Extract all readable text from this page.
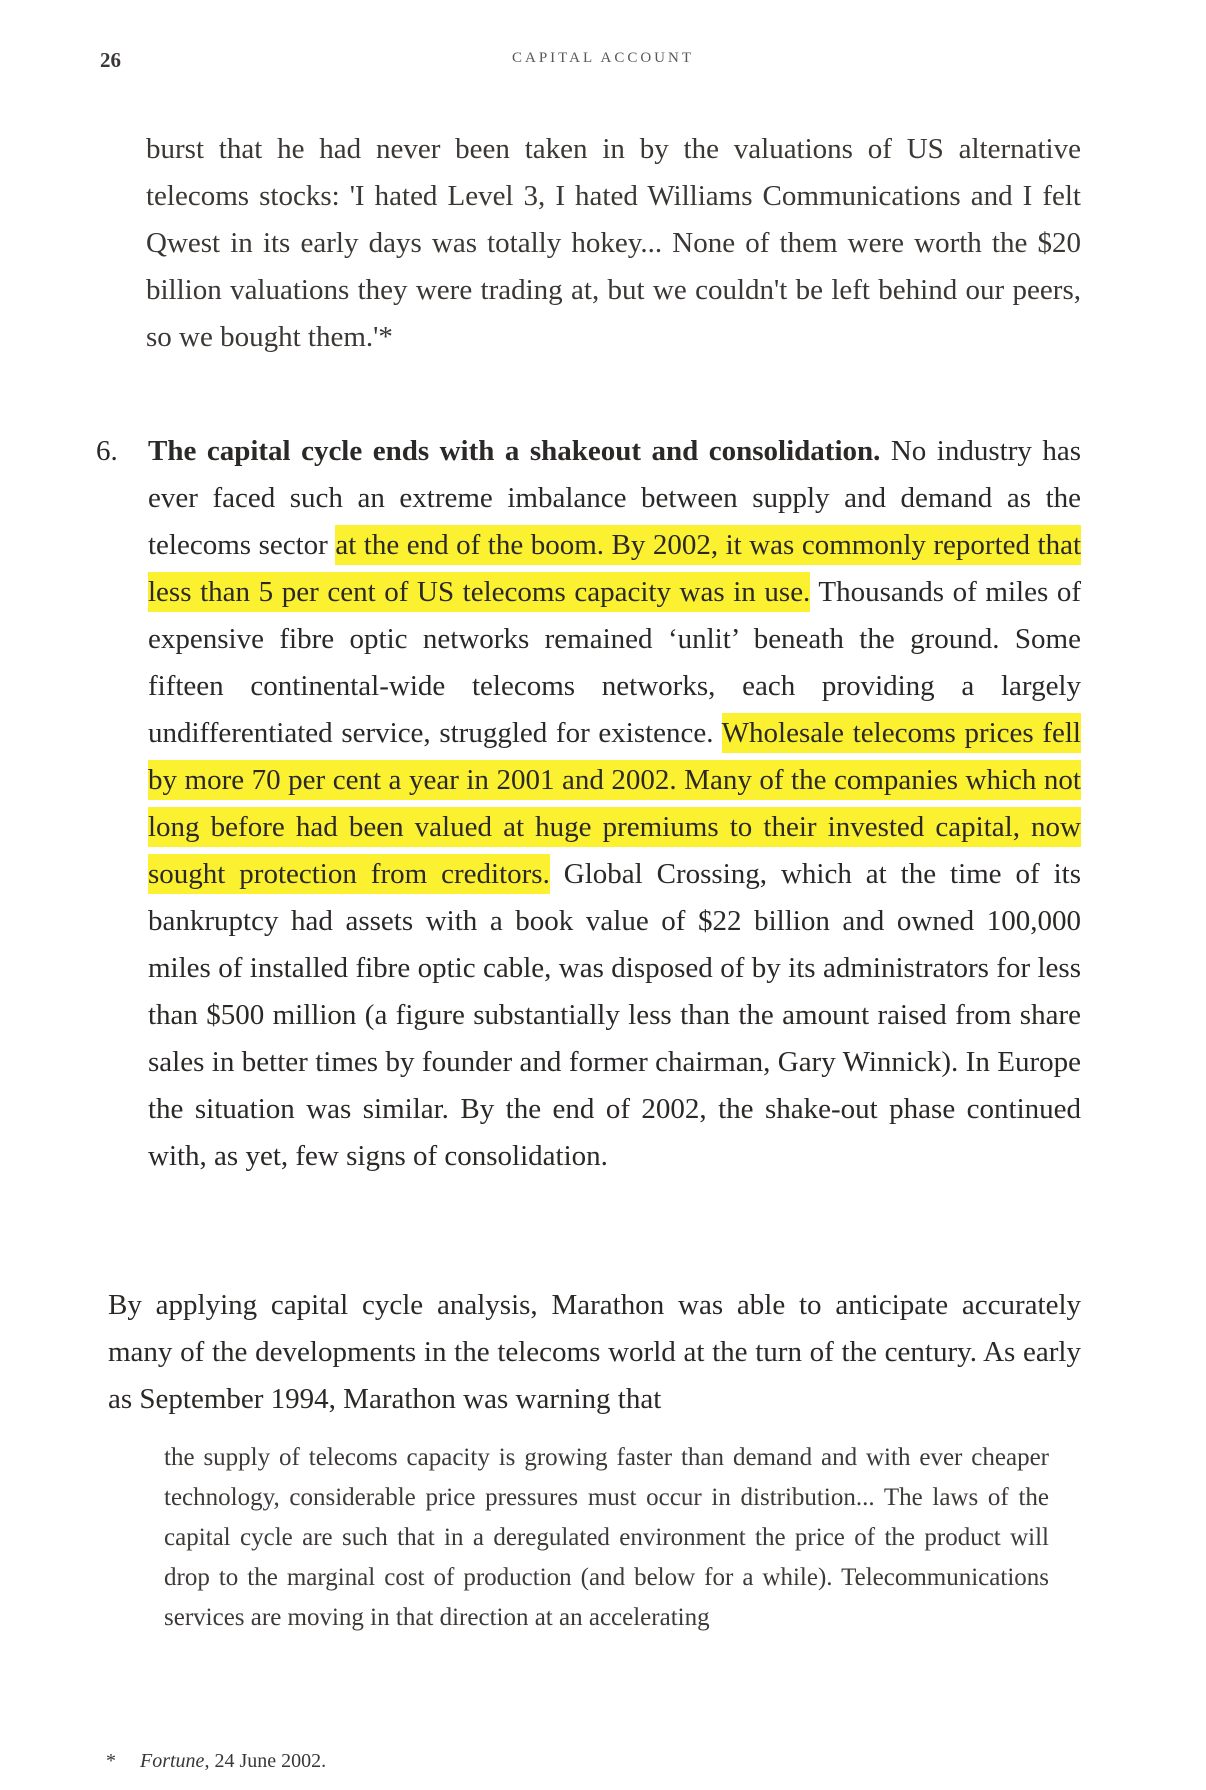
26	CAPITAL ACCOUNT

burst that he had never been taken in by the valuations of US alternative telecoms stocks: 'I hated Level 3, I hated Williams Communications and I felt Qwest in its early days was totally hokey... None of them were worth the $20 billion valuations they were trading at, but we couldn't be left behind our peers, so we bought them.'*

6.	The capital cycle ends with a shakeout and consolidation. No industry has ever faced such an extreme imbalance between supply and demand as the telecoms sector at the end of the boom. By 2002, it was commonly reported that less than 5 per cent of US telecoms capacity was in use. Thousands of miles of expensive fibre optic networks remained ‘unlit’ beneath the ground. Some fifteen continental-wide telecoms networks, each providing a largely undifferentiated service, struggled for existence. Wholesale telecoms prices fell by more 70 per cent a year in 2001 and 2002. Many of the companies which not long before had been valued at huge premiums to their invested capital, now sought protection from creditors. Global Crossing, which at the time of its bankruptcy had assets with a book value of $22 billion and owned 100,000 miles of installed fibre optic cable, was disposed of by its administrators for less than $500 million (a figure substantially less than the amount raised from share sales in better times by founder and former chairman, Gary Winnick). In Europe the situation was similar. By the end of 2002, the shake-out phase continued with, as yet, few signs of consolidation.

By applying capital cycle analysis, Marathon was able to anticipate accurately many of the developments in the telecoms world at the turn of the century. As early as September 1994, Marathon was warning that

the supply of telecoms capacity is growing faster than demand and with ever cheaper technology, considerable price pressures must occur in distribution... The laws of the capital cycle are such that in a deregulated environment the price of the product will drop to the marginal cost of production (and below for a while). Telecommunications services are moving in that direction at an accelerating

* Fortune, 24 June 2002.
